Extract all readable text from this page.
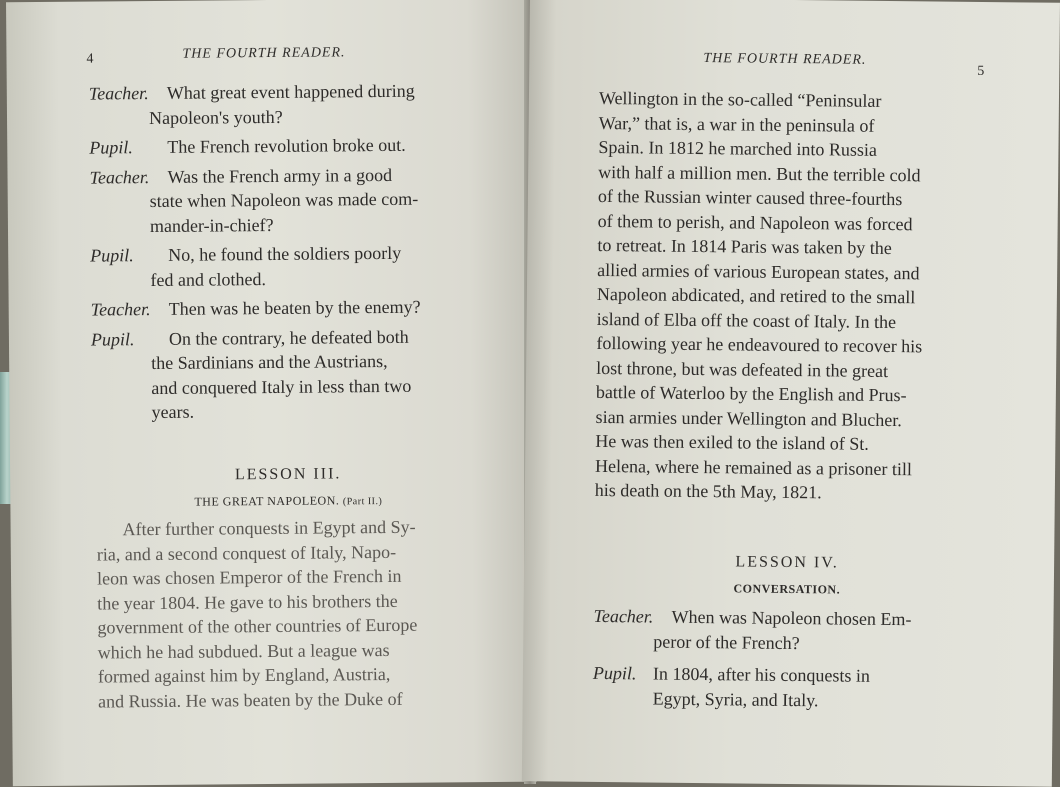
4	THE FOURTH READER.
Teacher. What great event happened during
Napoleon's youth?
Pupil. The French revolution broke out.
Teacher. Was the French army in a good
state when Napoleon was made com-
mander-in-chief?
Pupil. No, he found the soldiers poorly
fed and clothed.
Teacher. Then was he beaten by the enemy?
Pupil. On the contrary, he defeated both
the Sardinians and the Austrians,
and conquered Italy in less than two
years.
LESSON III.
THE GREAT NAPOLEON. (Part II.)
After further conquests in Egypt and Sy-
ria, and a second conquest of Italy, Napo-
leon was chosen Emperor of the French in
the year 1804. He gave to his brothers the
government of the other countries of Europe
which he had subdued. But a league was
formed against him by England, Austria,
and Russia. He was beaten by the Duke of
THE FOURTH READER.
5
Wellington in the so-called “Peninsular
War,” that is, a war in the peninsula of
Spain. In 1812 he marched into Russia
with half a million men. But the terrible cold
of the Russian winter caused three-fourths
of them to perish, and Napoleon was forced
to retreat. In 1814 Paris was taken by the
allied armies of various European states, and
Napoleon abdicated, and retired to the small
island of Elba off the coast of Italy. In the
following year he endeavoured to recover his
lost throne, but was defeated in the great
battle of Waterloo by the English and Prus-
sian armies under Wellington and Blucher.
He was then exiled to the island of St.
Helena, where he remained as a prisoner till
his death on the 5th May, 1821.
LESSON IV.
CONVERSATION.
Teacher. When was Napoleon chosen Em-
peror of the French?
Pupil. In 1804, after his conquests in
Egypt, Syria, and Italy.
